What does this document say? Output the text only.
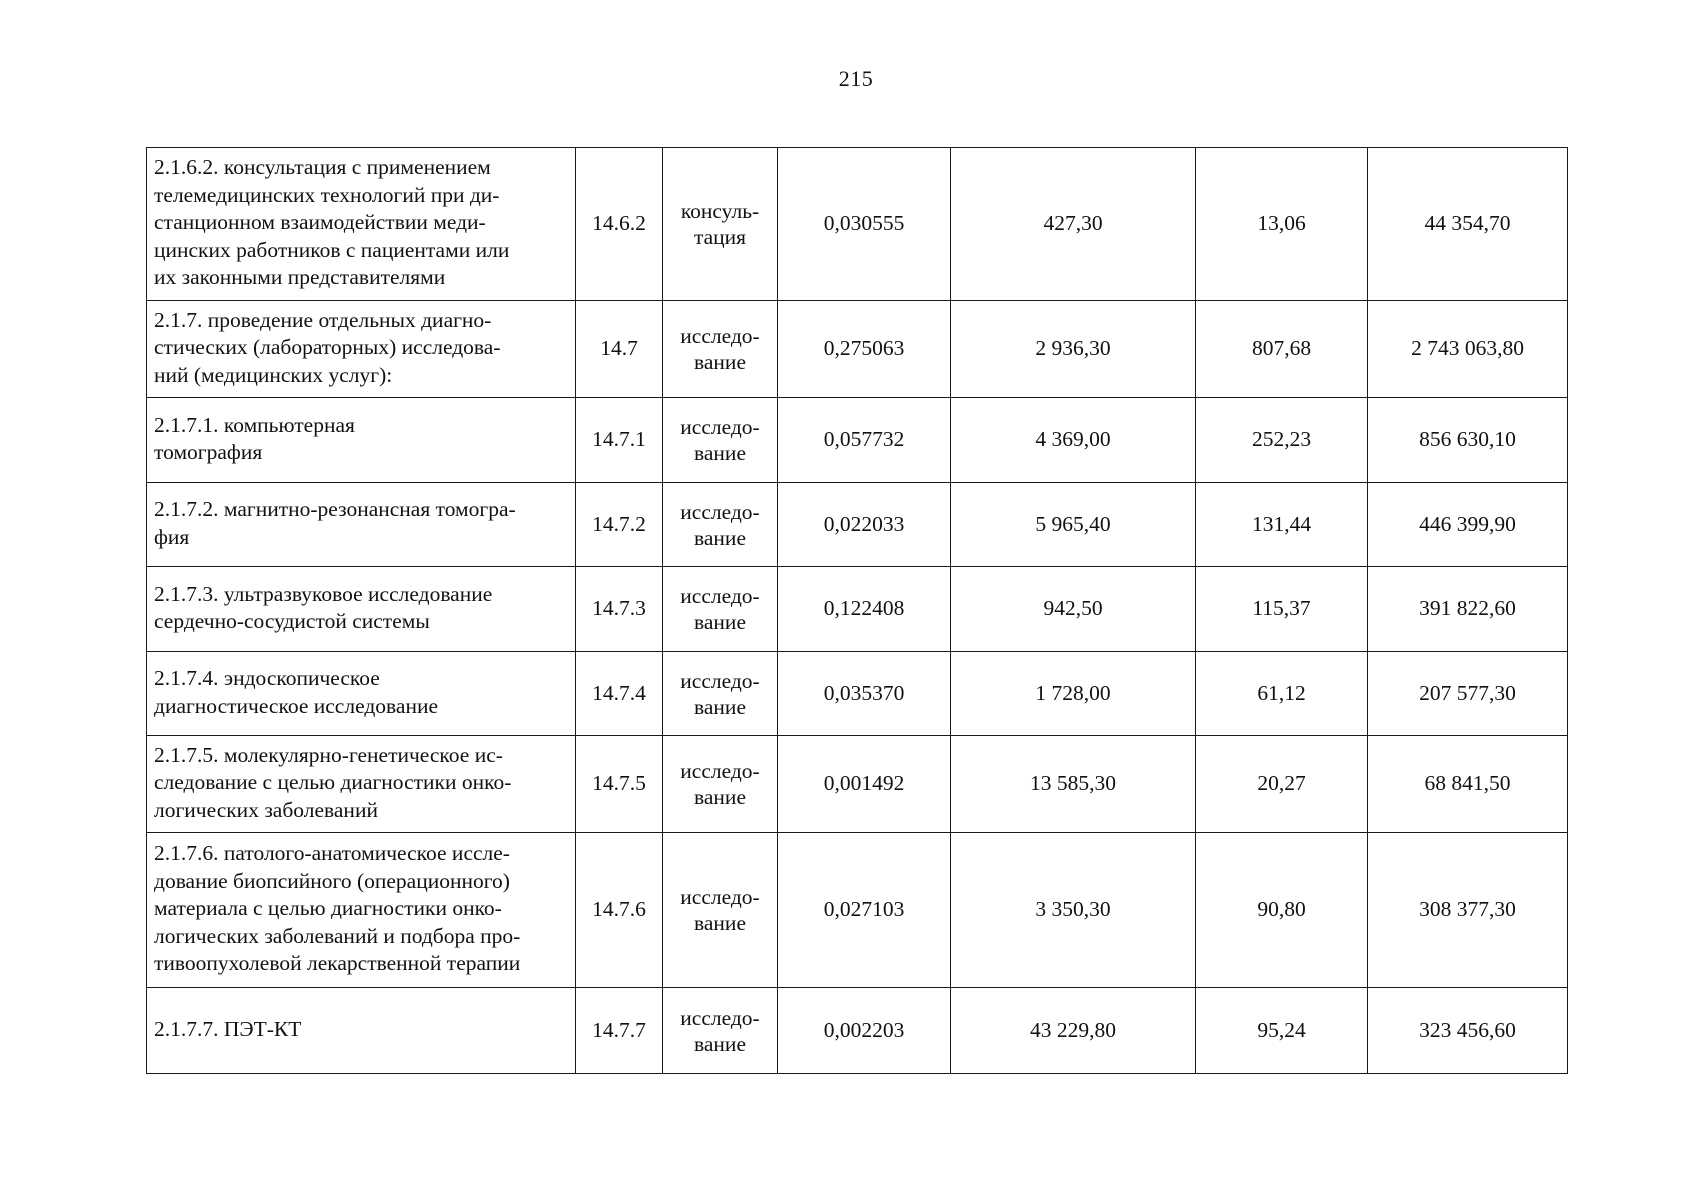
215
2.1.6.2. консультация с применением
телемедицинских технологий при ди-
станционном взаимодействии меди-
цинских работников с пациентами или
их законными представителями	14.6.2	консуль-
тация	0,030555	427,30	13,06	44 354,70

2.1.7. проведение отдельных диагно-
стических (лабораторных) исследова-
ний (медицинских услуг):	14.7	исследо-
вание	0,275063	2 936,30	807,68	2 743 063,80

2.1.7.1. компьютерная
томография	14.7.1	исследо-
вание	0,057732	4 369,00	252,23	856 630,10

2.1.7.2. магнитно-резонансная томогра-
фия	14.7.2	исследо-
вание	0,022033	5 965,40	131,44	446 399,90

2.1.7.3. ультразвуковое исследование
сердечно-сосудистой системы	14.7.3	исследо-
вание	0,122408	942,50	115,37	391 822,60

2.1.7.4. эндоскопическое
диагностическое исследование	14.7.4	исследо-
вание	0,035370	1 728,00	61,12	207 577,30

2.1.7.5. молекулярно-генетическое ис-
следование с целью диагностики онко-
логических заболеваний	14.7.5	исследо-
вание	0,001492	13 585,30	20,27	68 841,50

2.1.7.6. патолого-анатомическое иссле-
дование биопсийного (операционного)
материала с целью диагностики онко-
логических заболеваний и подбора про-
тивоопухолевой лекарственной терапии	14.7.6	исследо-
вание	0,027103	3 350,30	90,80	308 377,30

2.1.7.7. ПЭТ-КТ	14.7.7	исследо-
вание	0,002203	43 229,80	95,24	323 456,60
